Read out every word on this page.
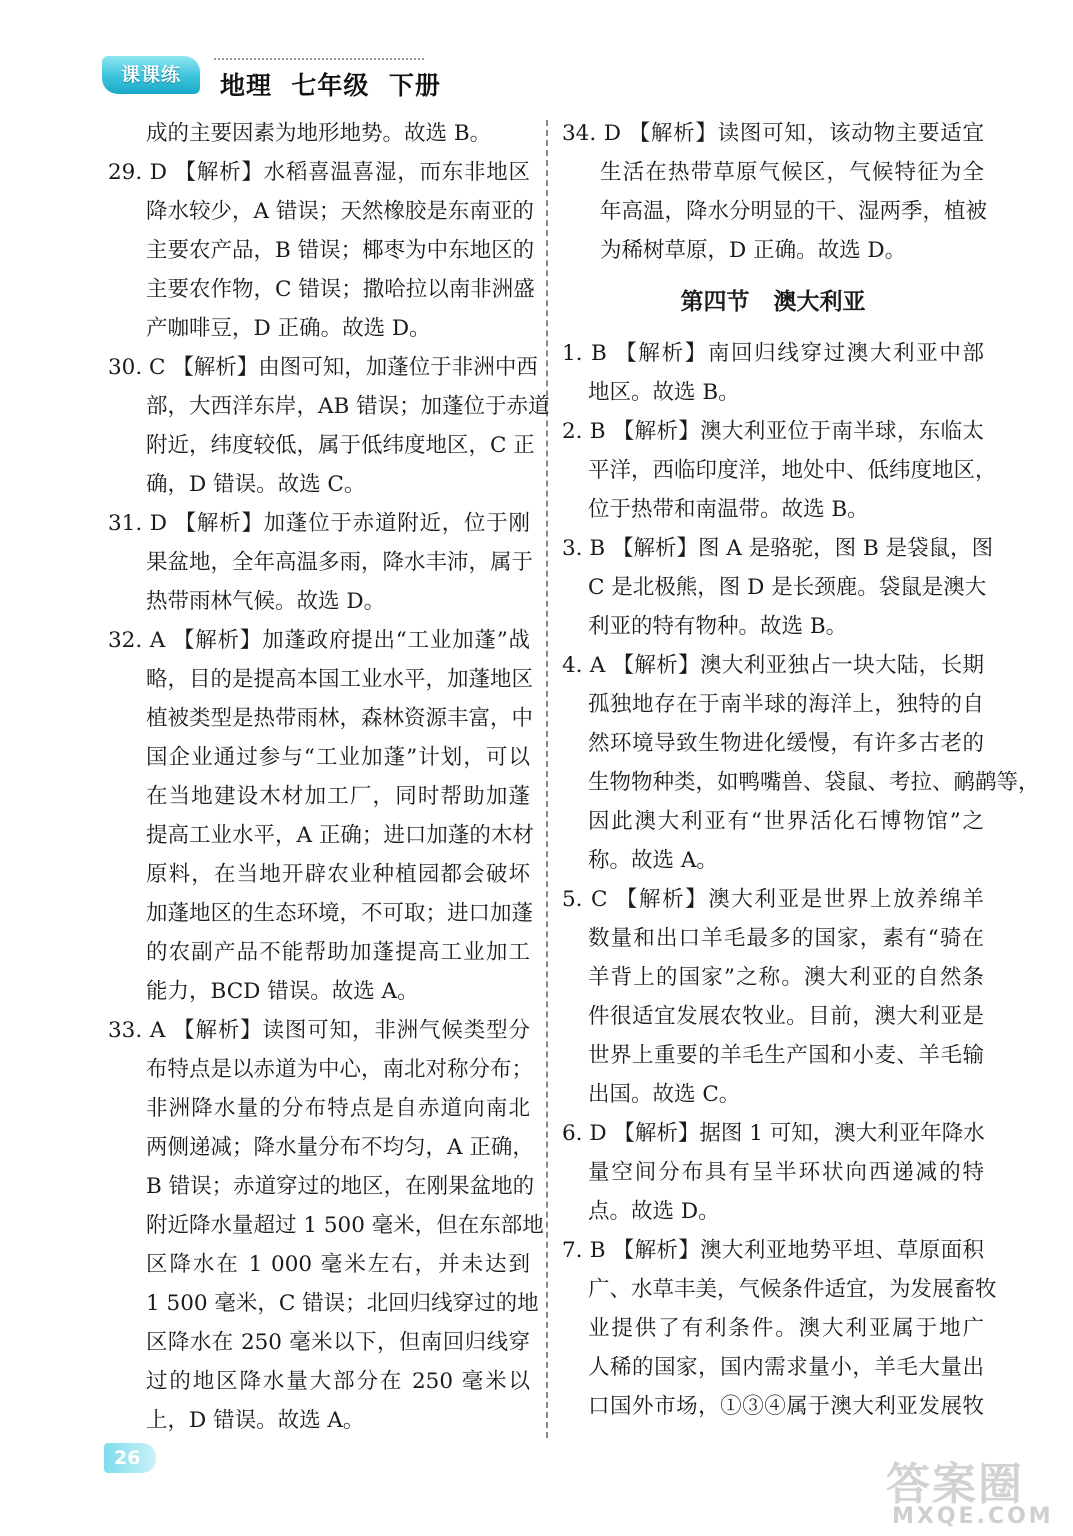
课课练	地理  七年级  下册
成的主要因素为地形地势。故选 B。
29. D 【解析】水稻喜温喜湿，而东非地区
降水较少，A 错误；天然橡胶是东南亚的
主要农产品，B 错误；椰枣为中东地区的
主要农作物，C 错误；撒哈拉以南非洲盛
产咖啡豆，D 正确。故选 D。
30. C 【解析】由图可知，加蓬位于非洲中西
部，大西洋东岸，AB 错误；加蓬位于赤道
附近，纬度较低，属于低纬度地区，C 正
确，D 错误。故选 C。
31. D 【解析】加蓬位于赤道附近，位于刚
果盆地，全年高温多雨，降水丰沛，属于
热带雨林气候。故选 D。
32. A 【解析】加蓬政府提出“工业加蓬”战
略，目的是提高本国工业水平，加蓬地区
植被类型是热带雨林，森林资源丰富，中
国企业通过参与“工业加蓬”计划，可以
在当地建设木材加工厂，同时帮助加蓬
提高工业水平，A 正确；进口加蓬的木材
原料，在当地开辟农业种植园都会破坏
加蓬地区的生态环境，不可取；进口加蓬
的农副产品不能帮助加蓬提高工业加工
能力，BCD 错误。故选 A。
33. A 【解析】读图可知，非洲气候类型分
布特点是以赤道为中心，南北对称分布；
非洲降水量的分布特点是自赤道向南北
两侧递减；降水量分布不均匀，A 正确，
B 错误；赤道穿过的地区，在刚果盆地的
附近降水量超过 1 500 毫米，但在东部地
区降水在 1 000 毫米左右，并未达到
1 500 毫米，C 错误；北回归线穿过的地
区降水在 250 毫米以下，但南回归线穿
过的地区降水量大部分在 250 毫米以
上，D 错误。故选 A。
34. D 【解析】读图可知，该动物主要适宜
生活在热带草原气候区，气候特征为全
年高温，降水分明显的干、湿两季，植被
为稀树草原，D 正确。故选 D。
第四节   澳大利亚
1. B 【解析】南回归线穿过澳大利亚中部
地区。故选 B。
2. B 【解析】澳大利亚位于南半球，东临太
平洋，西临印度洋，地处中、低纬度地区，
位于热带和南温带。故选 B。
3. B 【解析】图 A 是骆驼，图 B 是袋鼠，图
C 是北极熊，图 D 是长颈鹿。袋鼠是澳大
利亚的特有物种。故选 B。
4. A 【解析】澳大利亚独占一块大陆，长期
孤独地存在于南半球的海洋上，独特的自
然环境导致生物进化缓慢，有许多古老的
生物物种类，如鸭嘴兽、袋鼠、考拉、鸸鹋等，
因此澳大利亚有“世界活化石博物馆”之
称。故选 A。
5. C 【解析】澳大利亚是世界上放养绵羊
数量和出口羊毛最多的国家，素有“骑在
羊背上的国家”之称。澳大利亚的自然条
件很适宜发展农牧业。目前，澳大利亚是
世界上重要的羊毛生产国和小麦、羊毛输
出国。故选 C。
6. D 【解析】据图 1 可知，澳大利亚年降水
量空间分布具有呈半环状向西递减的特
点。故选 D。
7. B 【解析】澳大利亚地势平坦、草原面积
广、水草丰美，气候条件适宜，为发展畜牧
业提供了有利条件。澳大利亚属于地广
人稀的国家，国内需求量小，羊毛大量出
口国外市场，①③④属于澳大利亚发展牧
26
答案圈
MXQE.COM
